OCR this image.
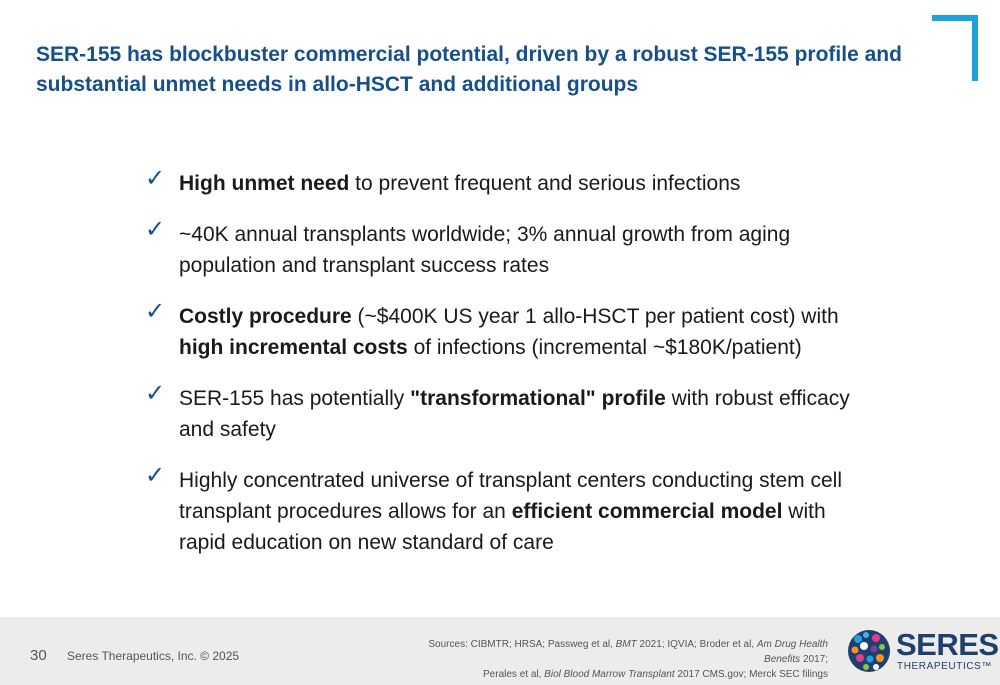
SER-155 has blockbuster commercial potential, driven by a robust SER-155 profile and
substantial unmet needs in allo-HSCT and additional groups
✓ High unmet need to prevent frequent and serious infections
✓ ~40K annual transplants worldwide; 3% annual growth from aging population and transplant success rates
✓ Costly procedure (~$400K US year 1 allo-HSCT per patient cost) with high incremental costs of infections (incremental ~$180K/patient)
✓ SER-155 has potentially "transformational" profile with robust efficacy and safety
✓ Highly concentrated universe of transplant centers conducting stem cell transplant procedures allows for an efficient commercial model with rapid education on new standard of care
30 Seres Therapeutics, Inc. © 2025
Sources: CIBMTR; HRSA; Passweg et al, BMT 2021; IQVIA; Broder et al, Am Drug Health Benefits 2017;
Perales et al, Biol Blood Marrow Transplant 2017 CMS.gov; Merck SEC filings
SERES
THERAPEUTICS™
